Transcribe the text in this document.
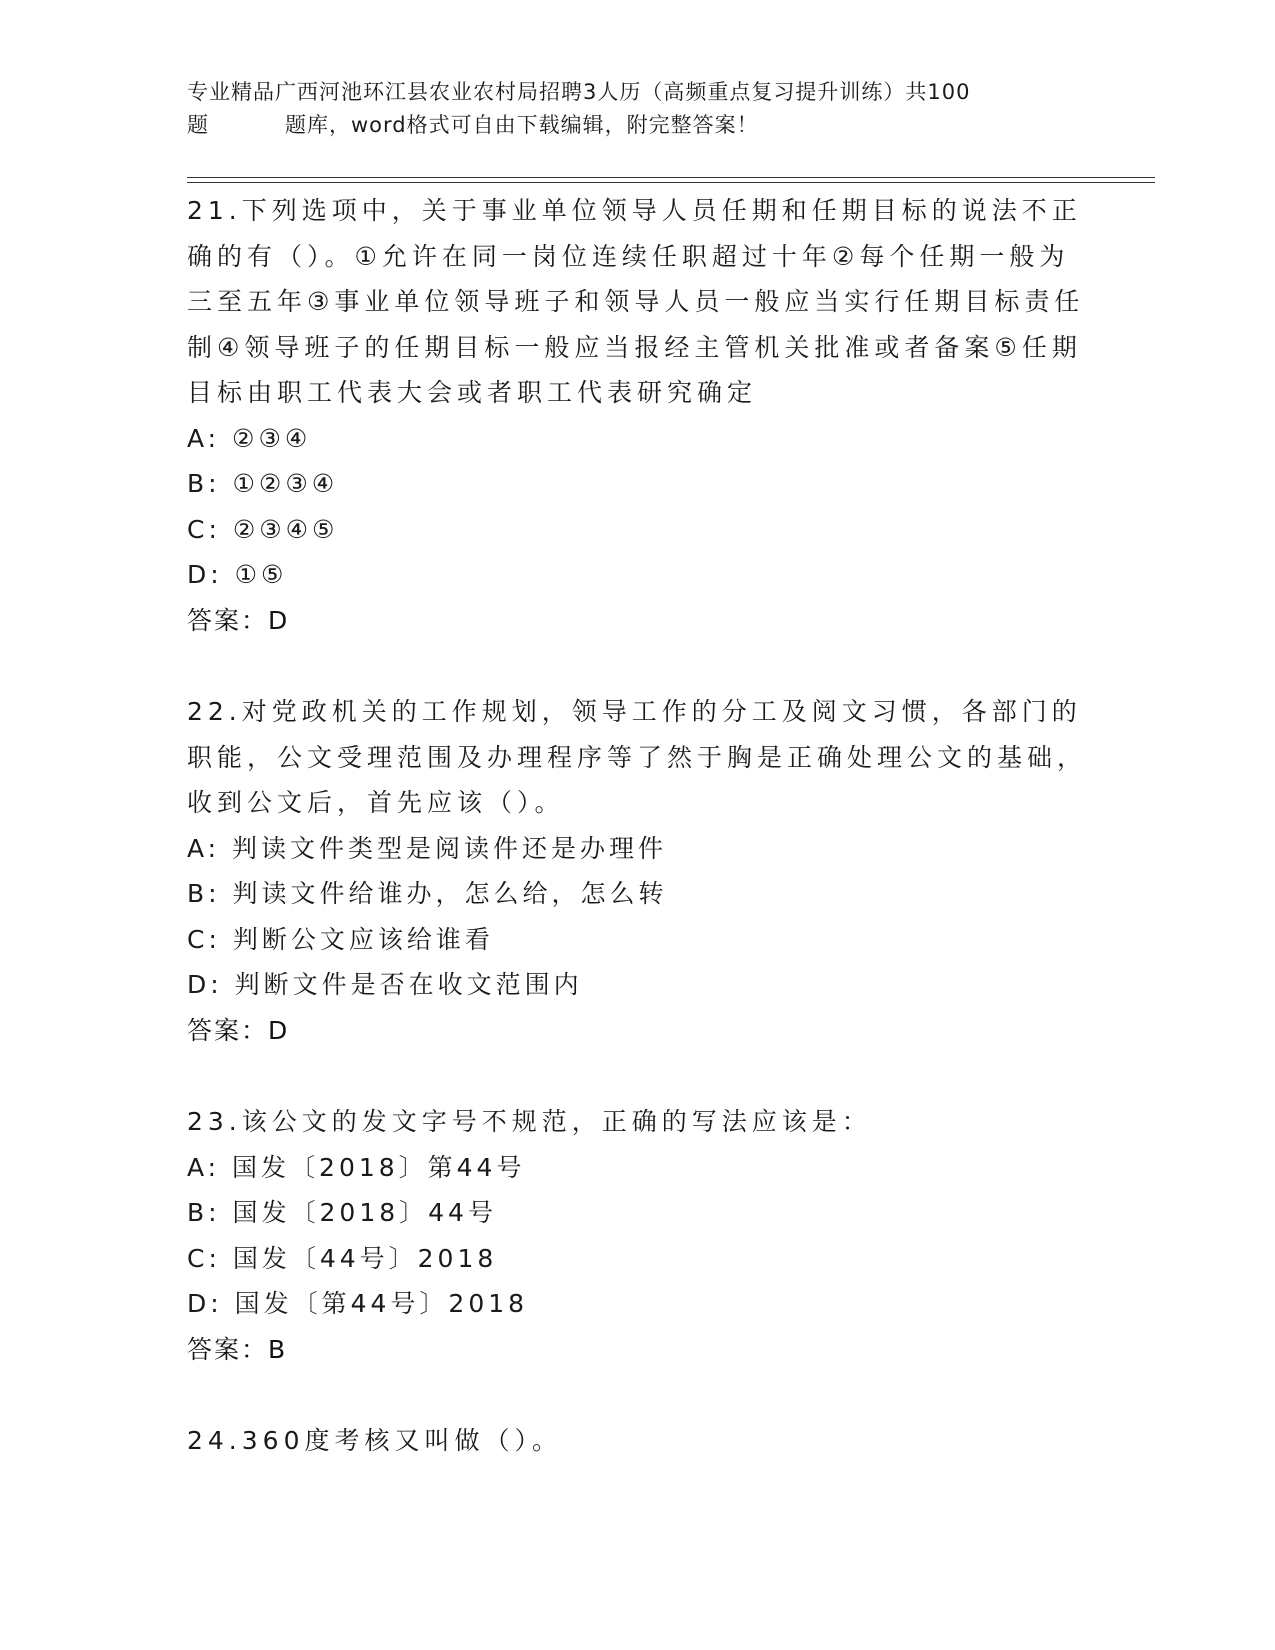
专业精品广西河池环江县农业农村局招聘3人历（高频重点复习提升训练）共100
题	题库，word格式可自由下载编辑，附完整答案！

21.下列选项中，关于事业单位领导人员任期和任期目标的说法不正确的有（）。①允许在同一岗位连续任职超过十年②每个任期一般为三至五年③事业单位领导班子和领导人员一般应当实行任期目标责任制④领导班子的任期目标一般应当报经主管机关批准或者备案⑤任期目标由职工代表大会或者职工代表研究确定

A: ②③④

B: ①②③④

C: ②③④⑤

D: ①⑤

答案：D

22.对党政机关的工作规划，领导工作的分工及阅文习惯，各部门的职能，公文受理范围及办理程序等了然于胸是正确处理公文的基础，收到公文后，首先应该（）。

A: 判读文件类型是阅读件还是办理件

B: 判读文件给谁办，怎么给，怎么转

C: 判断公文应该给谁看

D: 判断文件是否在收文范围内

答案：D

23.该公文的发文字号不规范，正确的写法应该是：

A: 国发〔2018〕第44号

B: 国发〔2018〕44号

C: 国发〔44号〕2018

D: 国发〔第44号〕2018

答案：B

24.360度考核又叫做（）。
